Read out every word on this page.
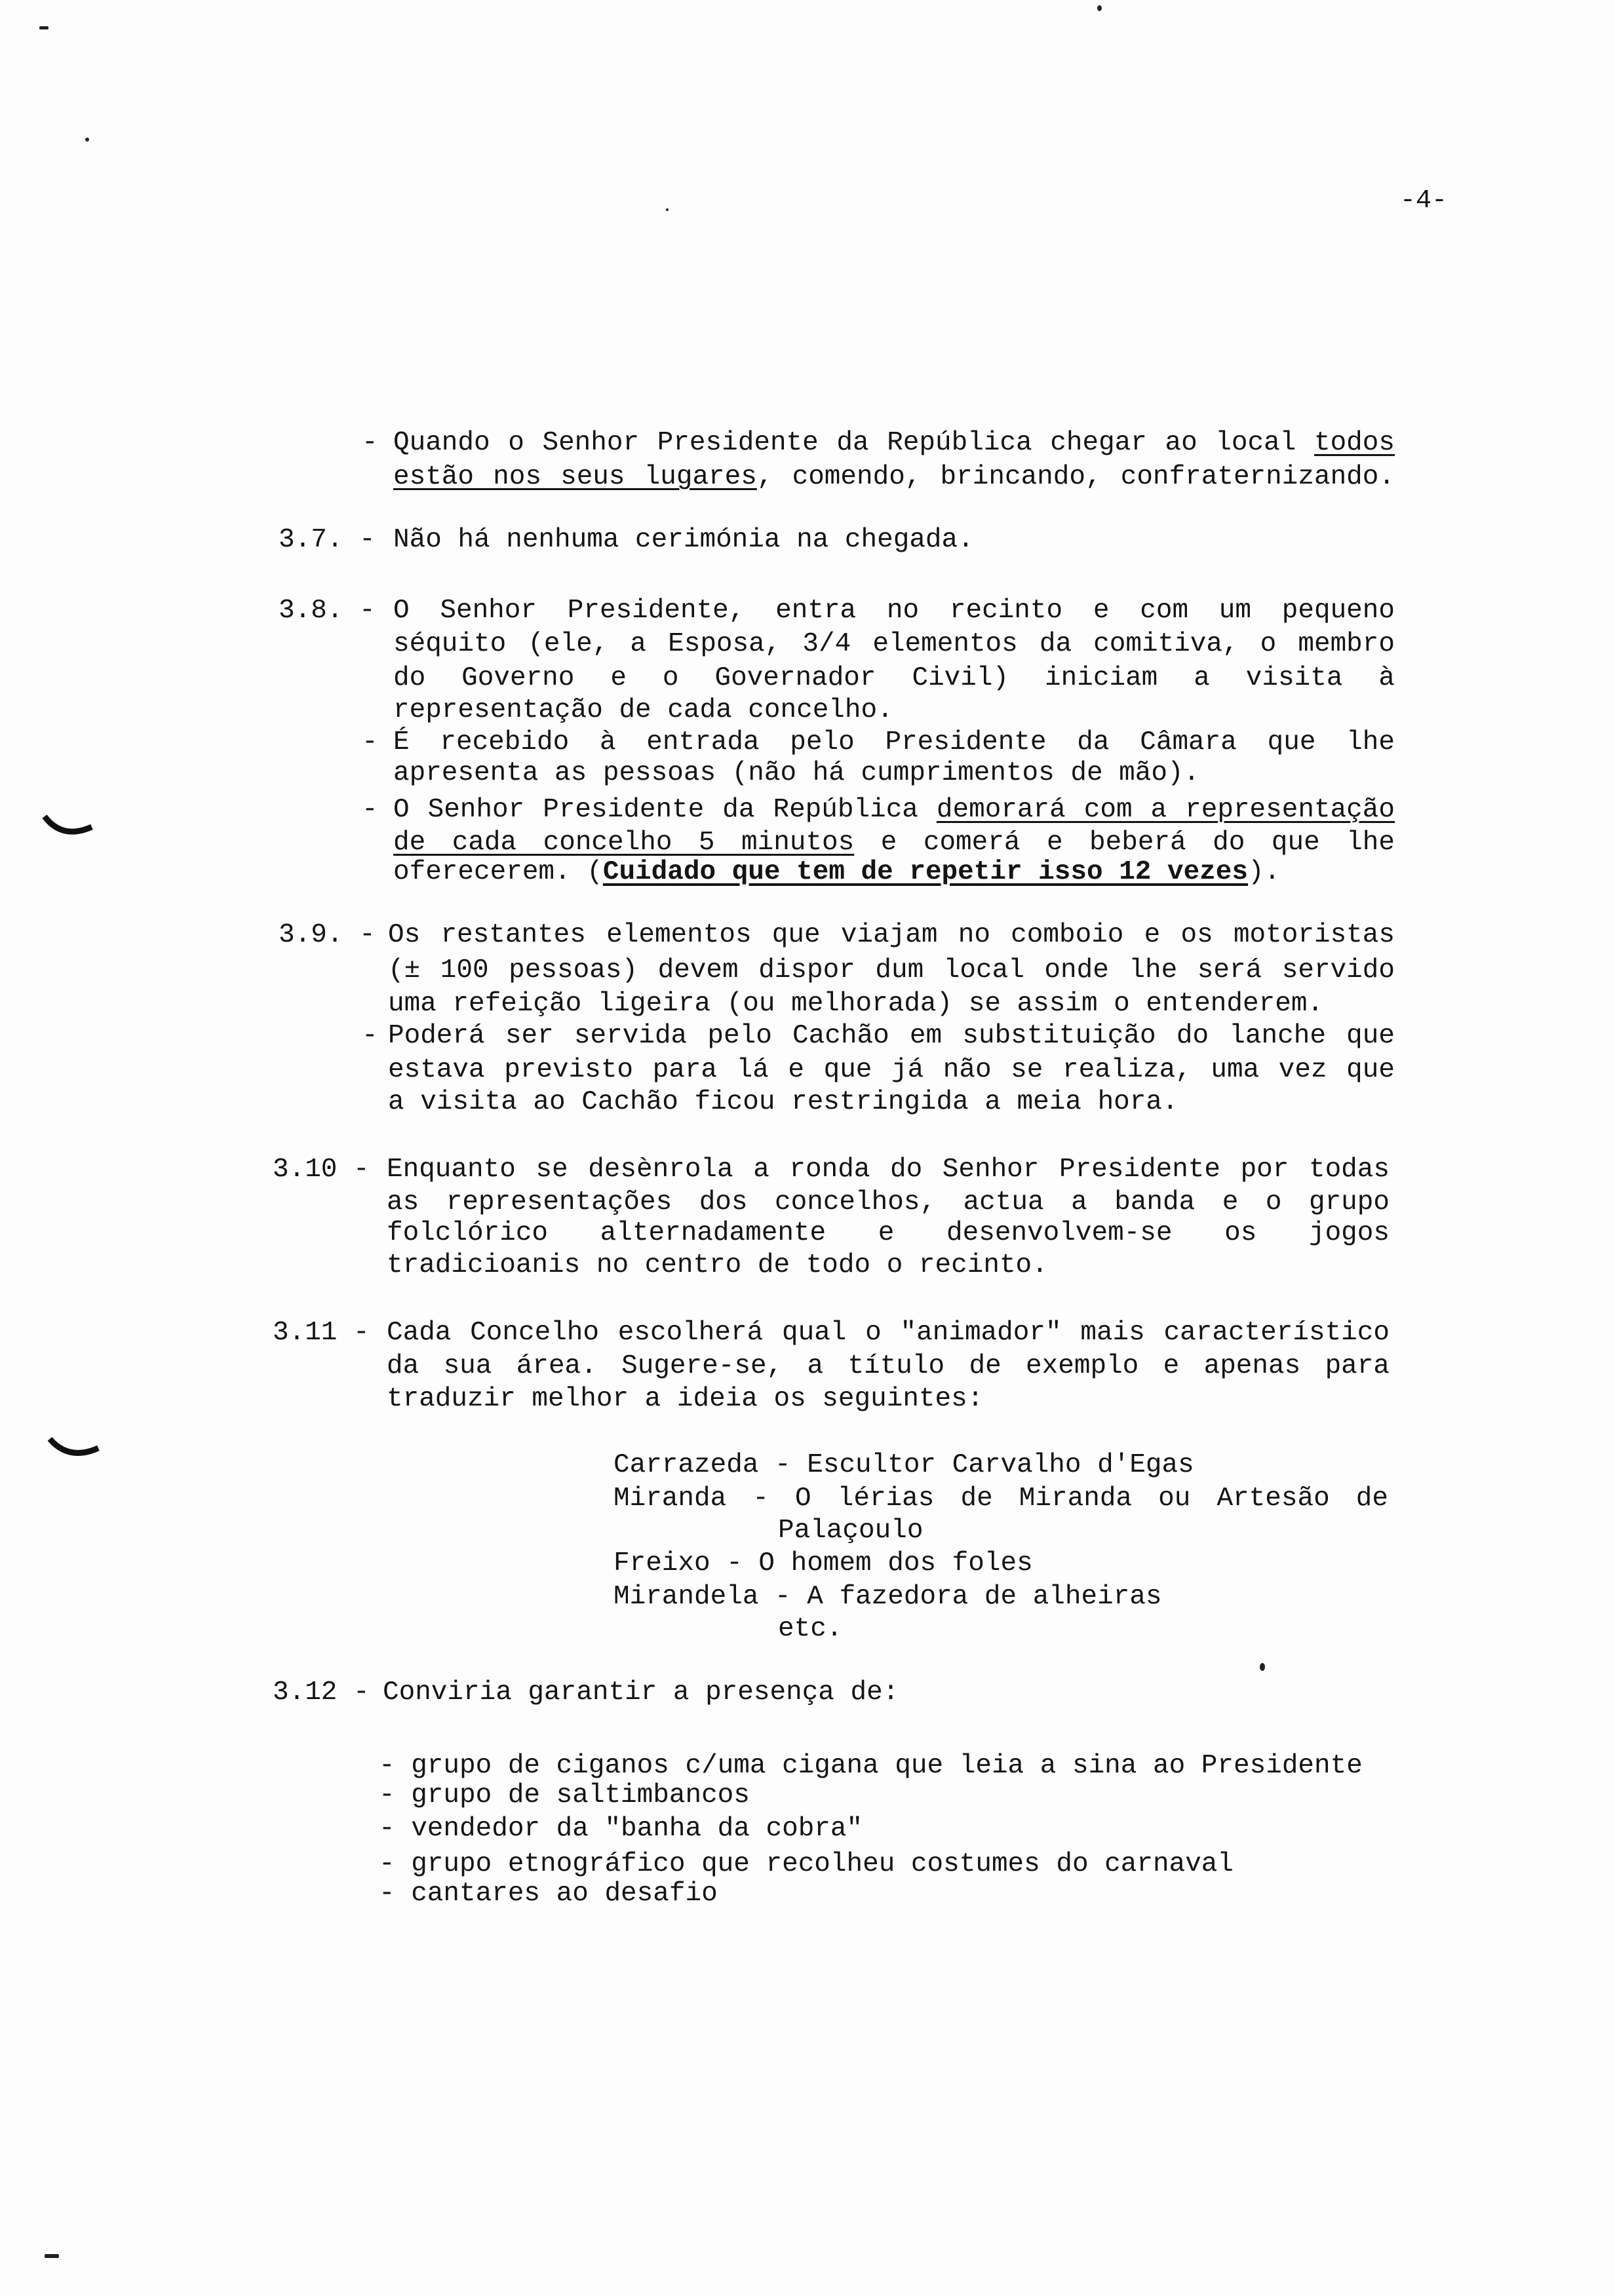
-4-
- Quando o Senhor Presidente da República chegar ao local todos
estão nos seus lugares, comendo, brincando, confraternizando.
3.7. - Não há nenhuma cerimónia na chegada.
3.8. - O Senhor Presidente, entra no recinto e com um pequeno
séquito (ele, a Esposa, 3/4 elementos da comitiva, o membro
do Governo e o Governador Civil) iniciam a visita à
representação de cada concelho.
- É recebido à entrada pelo Presidente da Câmara que lhe
apresenta as pessoas (não há cumprimentos de mão).
- O Senhor Presidente da República demorará com a representação
de cada concelho 5 minutos e comerá e beberá do que lhe
oferecerem. (Cuidado que tem de repetir isso 12 vezes).
3.9. - Os restantes elementos que viajam no comboio e os motoristas
(± 100 pessoas) devem dispor dum local onde lhe será servido
uma refeição ligeira (ou melhorada) se assim o entenderem.
- Poderá ser servida pelo Cachão em substituição do lanche que
estava previsto para lá e que já não se realiza, uma vez que
a visita ao Cachão ficou restringida a meia hora.
3.10 - Enquanto se desènrola a ronda do Senhor Presidente por todas
as representações dos concelhos, actua a banda e o grupo
folclórico alternadamente e desenvolvem-se os jogos
tradicioanis no centro de todo o recinto.
3.11 - Cada Concelho escolherá qual o "animador" mais característico
da sua área. Sugere-se, a título de exemplo e apenas para
traduzir melhor a ideia os seguintes:
Carrazeda - Escultor Carvalho d'Egas
Miranda - O lérias de Miranda ou Artesão de
Palaçoulo
Freixo - O homem dos foles
Mirandela - A fazedora de alheiras
etc.
3.12 - Conviria garantir a presença de:
- grupo de ciganos c/uma cigana que leia a sina ao Presidente
- grupo de saltimbancos
- vendedor da "banha da cobra"
- grupo etnográfico que recolheu costumes do carnaval
- cantares ao desafio
